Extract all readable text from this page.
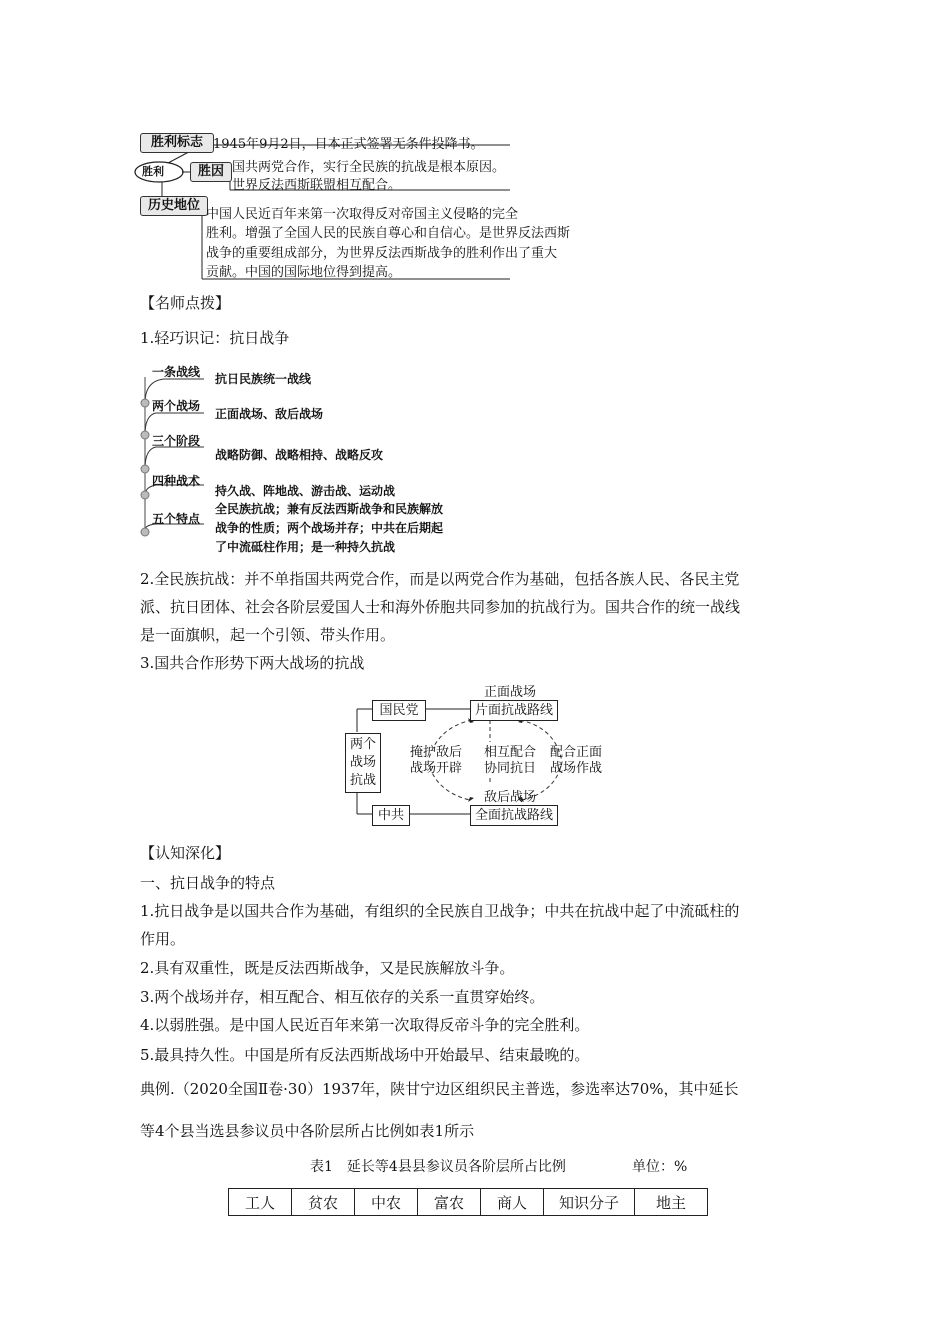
胜利
胜利标志 1945年9月2日，日本正式签署无条件投降书。
胜因 国共两党合作，实行全民族的抗战是根本原因。
世界反法西斯联盟相互配合。
历史地位
中国人民近百年来第一次取得反对帝国主义侵略的完全
胜利。增强了全国人民的民族自尊心和自信心。是世界反法西斯
战争的重要组成部分，为世界反法西斯战争的胜利作出了重大
贡献。中国的国际地位得到提高。
【名师点拨】
1.轻巧识记：抗日战争
一条战线 抗日民族统一战线
两个战场
正面战场、敌后战场
三个阶段
战略防御、战略相持、战略反攻
四种战术
持久战、阵地战、游击战、运动战
五个特点
全民族抗战；兼有反法西斯战争和民族解放
战争的性质；两个战场并存；中共在后期起
了中流砥柱作用；是一种持久抗战
2.全民族抗战：并不单指国共两党合作，而是以两党合作为基础，包括各族人民、各民主党
派、抗日团体、社会各阶层爱国人士和海外侨胞共同参加的抗战行为。国共合作的统一战线
是一面旗帜，起一个引领、带头作用。
3.国共合作形势下两大战场的抗战
两个
战场
抗战
国民党
中共
正面战场
片面抗战路线
敌后战场
全面抗战路线
掩护敌后
战场开辟
相互配合
协同抗日
配合正面
战场作战
【认知深化】
一、抗日战争的特点
1.抗日战争是以国共合作为基础，有组织的全民族自卫战争；中共在抗战中起了中流砥柱的
作用。
2.具有双重性，既是反法西斯战争，又是民族解放斗争。
3.两个战场并存，相互配合、相互依存的关系一直贯穿始终。
4.以弱胜强。是中国人民近百年来第一次取得反帝斗争的完全胜利。
5.最具持久性。中国是所有反法西斯战场中开始最早、结束最晚的。
典例.（2020全国Ⅱ卷·30）1937年，陕甘宁边区组织民主普选，参选率达70%，其中延长
等4个县当选县参议员中各阶层所占比例如表1所示
表1　延长等4县县参议员各阶层所占比例	单位：%
工人	贫农	中农	富农	商人	知识分子	地主
